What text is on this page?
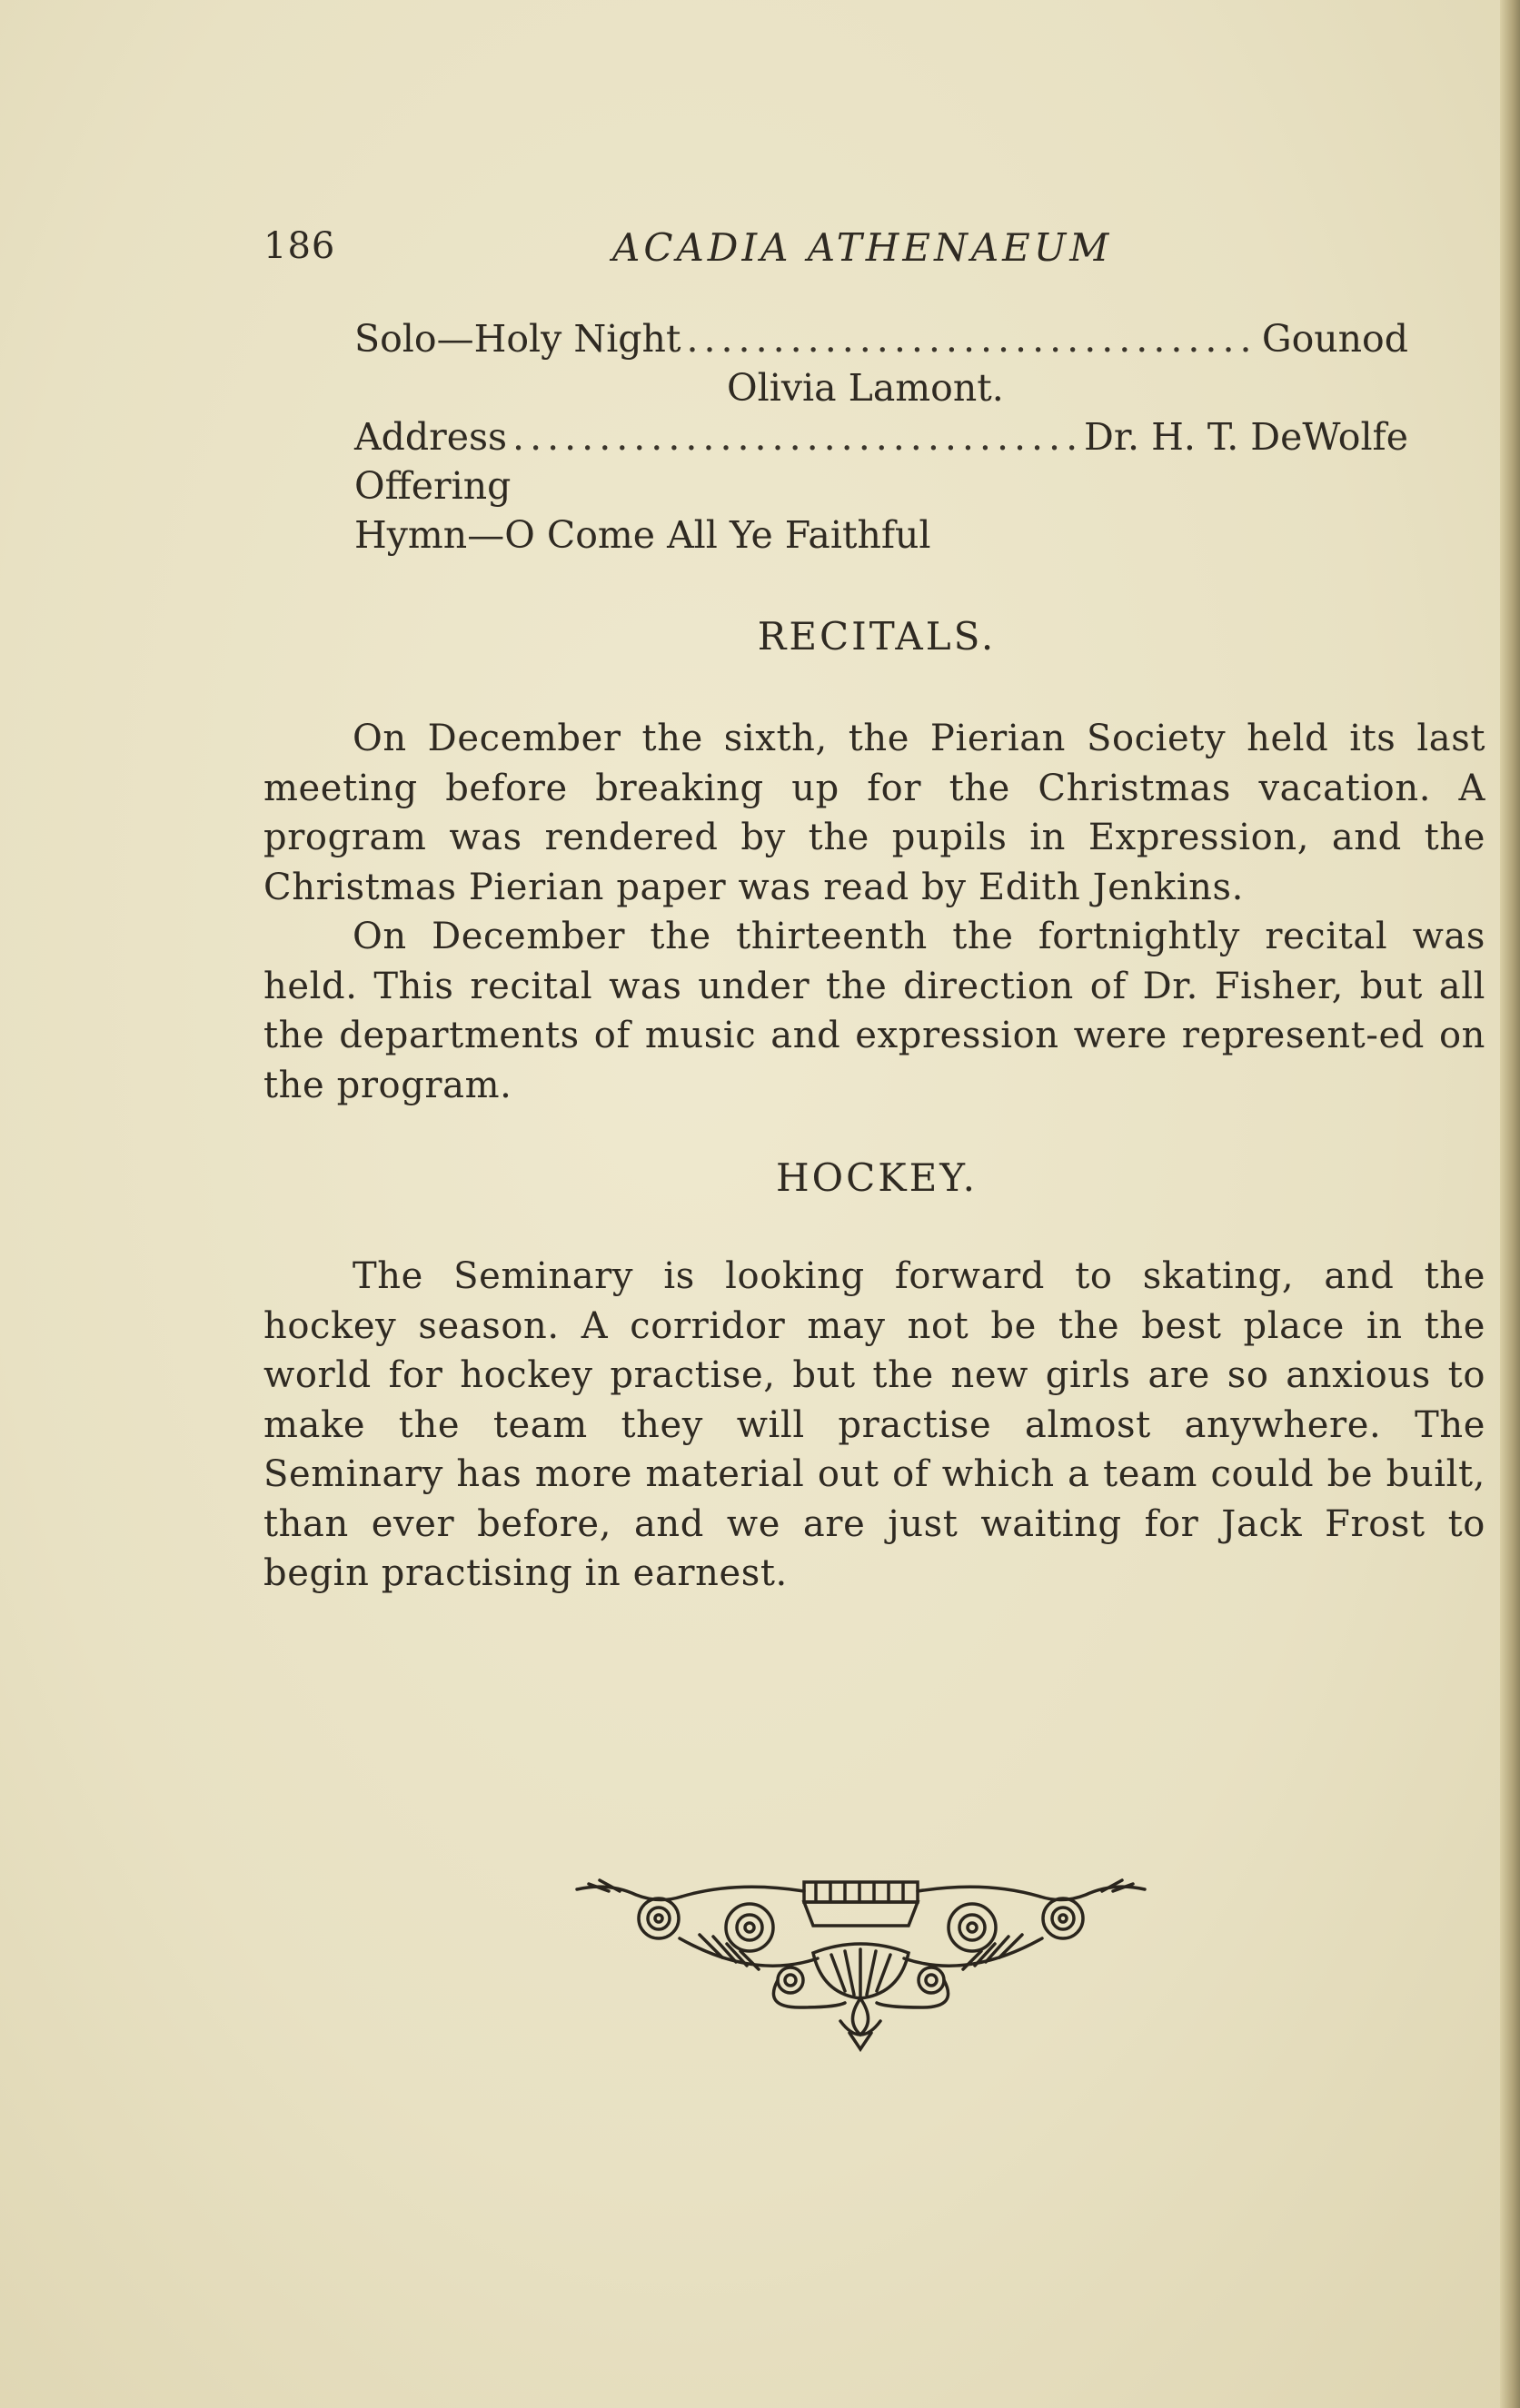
186	ACADIA ATHENAEUM
Solo—Holy Night .....	Gounod
Olivia Lamont.
Address .....	Dr. H. T. DeWolfe
Offering
Hymn—O Come All Ye Faithful
RECITALS.

On December the sixth, the Pierian Society held its last meeting before breaking up for the Christmas vacation. A program was rendered by the pupils in Expression, and the Christmas Pierian paper was read by Edith Jenkins.

On December the thirteenth the fortnightly recital was held. This recital was under the direction of Dr. Fisher, but all the departments of music and expression were represent-ed on the program.

HOCKEY.

The Seminary is looking forward to skating, and the hockey season. A corridor may not be the best place in the world for hockey practise, but the new girls are so anxious to make the team they will practise almost anywhere. The Seminary has more material out of which a team could be built, than ever before, and we are just waiting for Jack Frost to begin practising in earnest.
